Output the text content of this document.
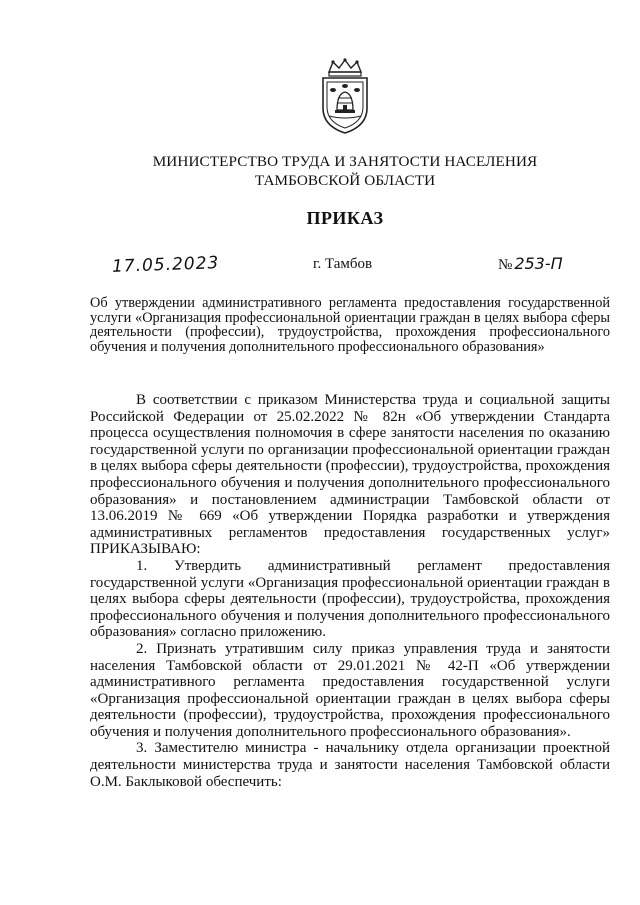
МИНИСТЕРСТВО ТРУДА И ЗАНЯТОСТИ НАСЕЛЕНИЯ
ТАМБОВСКОЙ ОБЛАСТИ
ПРИКАЗ
17.05.2023	г. Тамбов	№ 253-П
Об утверждении административного регламента предоставления государственной услуги «Организация профессиональной ориентации граждан в целях выбора сферы деятельности (профессии), трудоустройства, прохождения профессионального обучения и получения дополнительного профессионального образования»

В соответствии с приказом Министерства труда и социальной защиты Российской Федерации от 25.02.2022 № 82н «Об утверждении Стандарта процесса осуществления полномочия в сфере занятости населения по оказанию государственной услуги по организации профессиональной ориентации граждан в целях выбора сферы деятельности (профессии), трудоустройства, прохождения профессионального обучения и получения дополнительного профессионального образования» и постановлением администрации Тамбовской области от 13.06.2019 № 669 «Об утверждении Порядка разработки и утверждения административных регламентов предоставления государственных услуг» ПРИКАЗЫВАЮ:

1. Утвердить административный регламент предоставления государственной услуги «Организация профессиональной ориентации граждан в целях выбора сферы деятельности (профессии), трудоустройства, прохождения профессионального обучения и получения дополнительного профессионального образования» согласно приложению.

2. Признать утратившим силу приказ управления труда и занятости населения Тамбовской области от 29.01.2021 № 42-П «Об утверждении административного регламента предоставления государственной услуги «Организация профессиональной ориентации граждан в целях выбора сферы деятельности (профессии), трудоустройства, прохождения профессионального обучения и получения дополнительного профессионального образования».

3. Заместителю министра - начальнику отдела организации проектной деятельности министерства труда и занятости населения Тамбовской области О.М. Баклыковой обеспечить:
